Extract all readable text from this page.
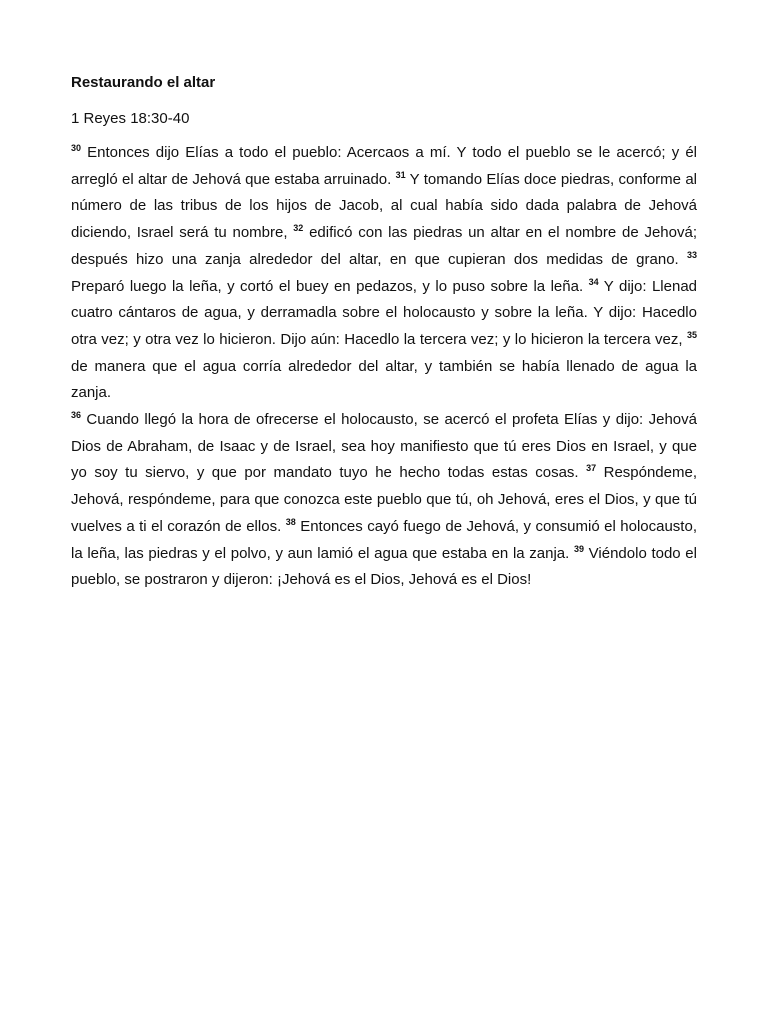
Restaurando el altar

1 Reyes 18:30-40

$^{30}$ Entonces dijo Elías a todo el pueblo: Acercaos a mí. Y todo el pueblo se le acercó; y él arregló el altar de Jehová que estaba arruinado. $^{31}$ Y tomando Elías doce piedras, conforme al número de las tribus de los hijos de Jacob, al cual había sido dada palabra de Jehová diciendo, Israel será tu nombre, $^{32}$ edificó con las piedras un altar en el nombre de Jehová; después hizo una zanja alrededor del altar, en que cupieran dos medidas de grano. $^{33}$ Preparó luego la leña, y cortó el buey en pedazos, y lo puso sobre la leña. $^{34}$ Y dijo: Llenad cuatro cántaros de agua, y derramadla sobre el holocausto y sobre la leña. Y dijo: Hacedlo otra vez; y otra vez lo hicieron. Dijo aún: Hacedlo la tercera vez; y lo hicieron la tercera vez, $^{35}$ de manera que el agua corría alrededor del altar, y también se había llenado de agua la zanja.

$^{36}$ Cuando llegó la hora de ofrecerse el holocausto, se acercó el profeta Elías y dijo: Jehová Dios de Abraham, de Isaac y de Israel, sea hoy manifiesto que tú eres Dios en Israel, y que yo soy tu siervo, y que por mandato tuyo he hecho todas estas cosas. $^{37}$ Respóndeme, Jehová, respóndeme, para que conozca este pueblo que tú, oh Jehová, eres el Dios, y que tú vuelves a ti el corazón de ellos. $^{38}$ Entonces cayó fuego de Jehová, y consumió el holocausto, la leña, las piedras y el polvo, y aun lamió el agua que estaba en la zanja. $^{39}$ Viéndolo todo el pueblo, se postraron y dijeron: ¡Jehová es el Dios, Jehová es el Dios!
